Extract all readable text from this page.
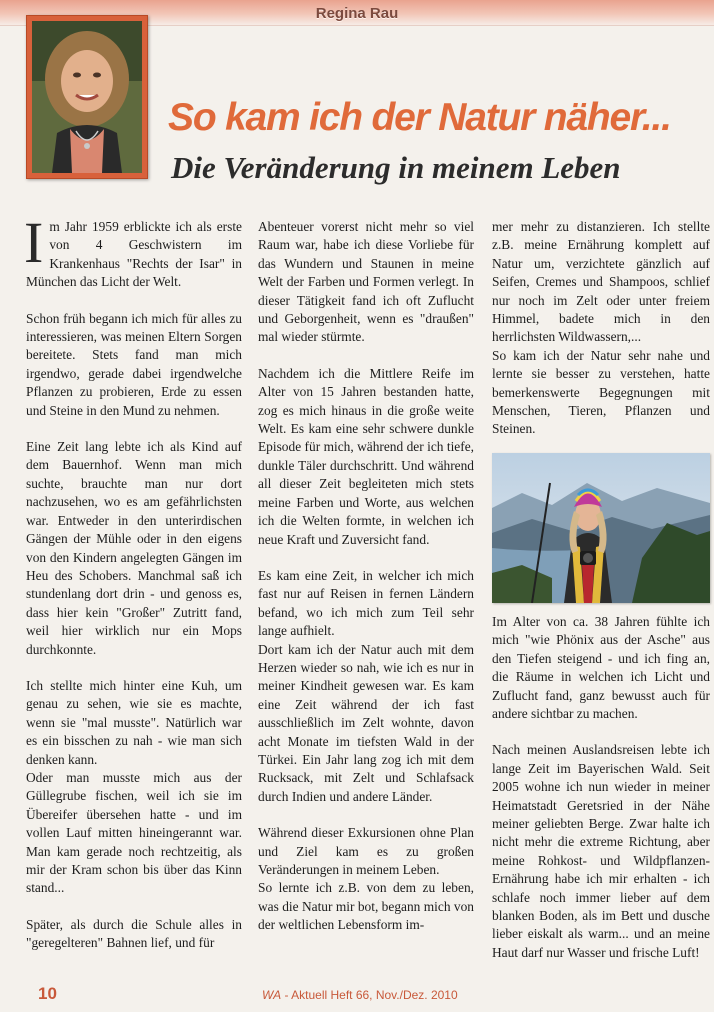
Regina Rau
So kam ich der Natur näher...
Die Veränderung in meinem Leben

Im Jahr 1959 erblickte ich als erste von 4 Geschwistern im Krankenhaus "Rechts der Isar" in München das Licht der Welt.

Schon früh begann ich mich für alles zu interessieren, was meinen Eltern Sorgen bereitete. Stets fand man mich irgendwo, gerade dabei irgendwelche Pflanzen zu probieren, Erde zu essen und Steine in den Mund zu nehmen.

Eine Zeit lang lebte ich als Kind auf dem Bauernhof. Wenn man mich suchte, brauchte man nur dort nachzusehen, wo es am gefährlichsten war. Entweder in den unterirdischen Gängen der Mühle oder in den eigens von den Kindern angelegten Gängen im Heu des Schobers. Manchmal saß ich stundenlang dort drin - und genoss es, dass hier kein "Großer" Zutritt fand, weil hier wirklich nur ein Mops durchkonnte.

Ich stellte mich hinter eine Kuh, um genau zu sehen, wie sie es machte, wenn sie "mal musste". Natürlich war es ein bisschen zu nah - wie man sich denken kann.

Oder man musste mich aus der Güllegrube fischen, weil ich sie im Übereifer übersehen hatte - und im vollen Lauf mitten hineingerannt war. Man kam gerade noch rechtzeitig, als mir der Kram schon bis über das Kinn stand...

Später, als durch die Schule alles in "geregelteren" Bahnen lief, und für

Abenteuer vorerst nicht mehr so viel Raum war, habe ich diese Vorliebe für das Wundern und Staunen in meine Welt der Farben und Formen verlegt. In dieser Tätigkeit fand ich oft Zuflucht und Geborgenheit, wenn es "draußen" mal wieder stürmte.

Nachdem ich die Mittlere Reife im Alter von 15 Jahren bestanden hatte, zog es mich hinaus in die große weite Welt. Es kam eine sehr schwere dunkle Episode für mich, während der ich tiefe, dunkle Täler durchschritt. Und während all dieser Zeit begleiteten mich stets meine Farben und Worte, aus welchen ich die Welten formte, in welchen ich neue Kraft und Zuversicht fand.

Es kam eine Zeit, in welcher ich mich fast nur auf Reisen in fernen Ländern befand, wo ich mich zum Teil sehr lange aufhielt.

Dort kam ich der Natur auch mit dem Herzen wieder so nah, wie ich es nur in meiner Kindheit gewesen war. Es kam eine Zeit während der ich fast ausschließlich im Zelt wohnte, davon acht Monate im tiefsten Wald in der Türkei. Ein Jahr lang zog ich mit dem Rucksack, mit Zelt und Schlafsack durch Indien und andere Länder.

Während dieser Exkursionen ohne Plan und Ziel kam es zu großen Veränderungen in meinem Leben.

So lernte ich z.B. von dem zu leben, was die Natur mir bot, begann mich von der weltlichen Lebensform im-

mer mehr zu distanzieren. Ich stellte z.B. meine Ernährung komplett auf Natur um, verzichtete gänzlich auf Seifen, Cremes und Shampoos, schlief nur noch im Zelt oder unter freiem Himmel, badete mich in den herrlichsten Wildwassern,...

So kam ich der Natur sehr nahe und lernte sie besser zu verstehen, hatte bemerkenswerte Begegnungen mit Menschen, Tieren, Pflanzen und Steinen.

Im Alter von ca. 38 Jahren fühlte ich mich "wie Phönix aus der Asche" aus den Tiefen steigend - und ich fing an, die Räume in welchen ich Licht und Zuflucht fand, ganz bewusst auch für andere sichtbar zu machen.

Nach meinen Auslandsreisen lebte ich lange Zeit im Bayerischen Wald. Seit 2005 wohne ich nun wieder in meiner Heimatstadt Geretsried in der Nähe meiner geliebten Berge. Zwar halte ich nicht mehr die extreme Richtung, aber meine Rohkost- und Wildpflanzen-Ernährung habe ich mir erhalten - ich schlafe noch immer lieber auf dem blanken Boden, als im Bett und dusche lieber eiskalt als warm... und an meine Haut darf nur Wasser und frische Luft!

10	WA - Aktuell Heft 66, Nov./Dez. 2010
